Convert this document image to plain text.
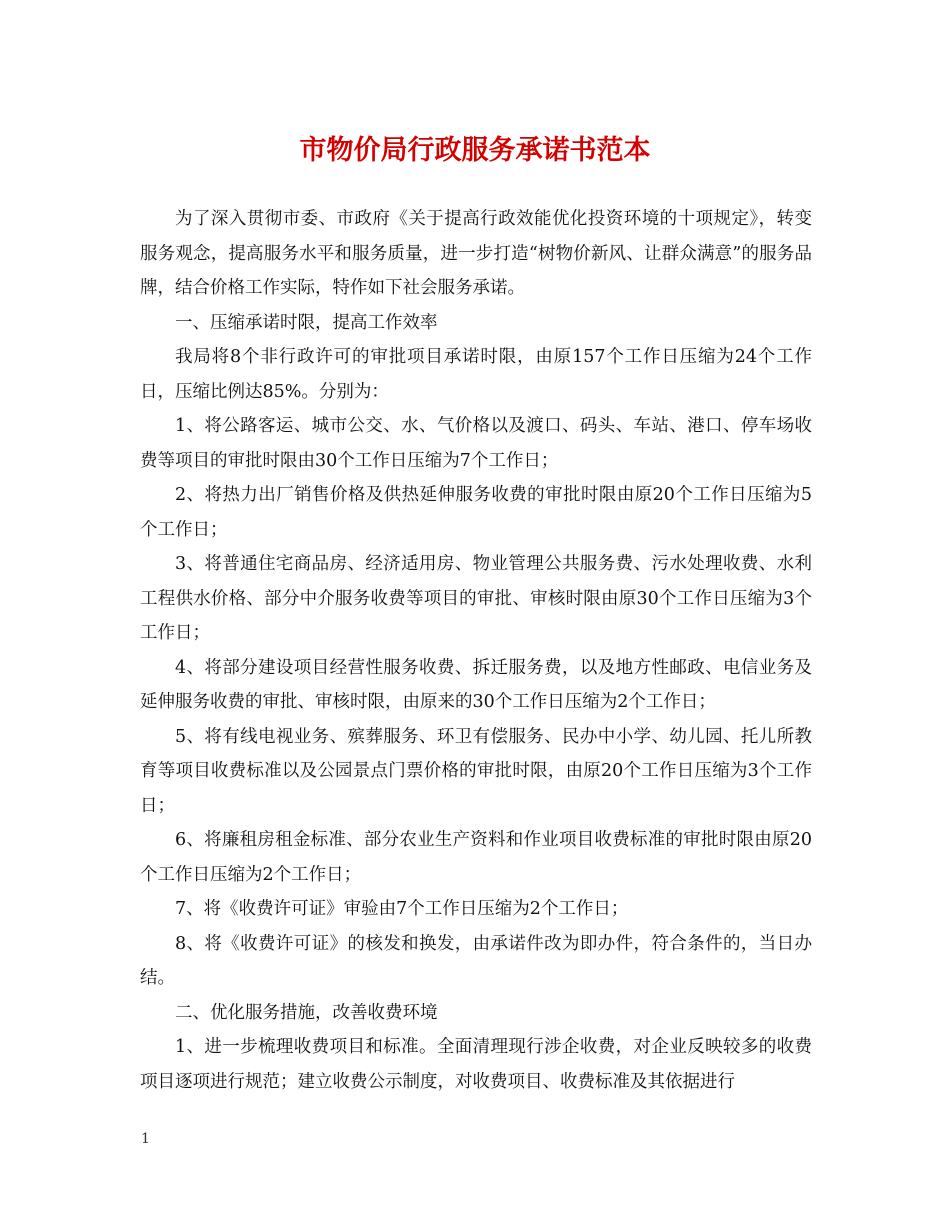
市物价局行政服务承诺书范本

为了深入贯彻市委、市政府《关于提高行政效能优化投资环境的十项规定》，转变服务观念，提高服务水平和服务质量，进一步打造“树物价新风、让群众满意”的服务品牌，结合价格工作实际，特作如下社会服务承诺。

一、压缩承诺时限，提高工作效率

我局将8个非行政许可的审批项目承诺时限，由原157个工作日压缩为24个工作日，压缩比例达85%。分别为：

1、将公路客运、城市公交、水、气价格以及渡口、码头、车站、港口、停车场收费等项目的审批时限由30个工作日压缩为7个工作日；

2、将热力出厂销售价格及供热延伸服务收费的审批时限由原20个工作日压缩为5个工作日；

3、将普通住宅商品房、经济适用房、物业管理公共服务费、污水处理收费、水利工程供水价格、部分中介服务收费等项目的审批、审核时限由原30个工作日压缩为3个工作日；

4、将部分建设项目经营性服务收费、拆迁服务费，以及地方性邮政、电信业务及延伸服务收费的审批、审核时限，由原来的30个工作日压缩为2个工作日；

5、将有线电视业务、殡葬服务、环卫有偿服务、民办中小学、幼儿园、托儿所教育等项目收费标准以及公园景点门票价格的审批时限，由原20个工作日压缩为3个工作日；

6、将廉租房租金标准、部分农业生产资料和作业项目收费标准的审批时限由原20个工作日压缩为2个工作日；

7、将《收费许可证》审验由7个工作日压缩为2个工作日；

8、将《收费许可证》的核发和换发，由承诺件改为即办件，符合条件的，当日办结。

二、优化服务措施，改善收费环境

1、进一步梳理收费项目和标准。全面清理现行涉企收费，对企业反映较多的收费项目逐项进行规范；建立收费公示制度，对收费项目、收费标准及其依据进行

1
